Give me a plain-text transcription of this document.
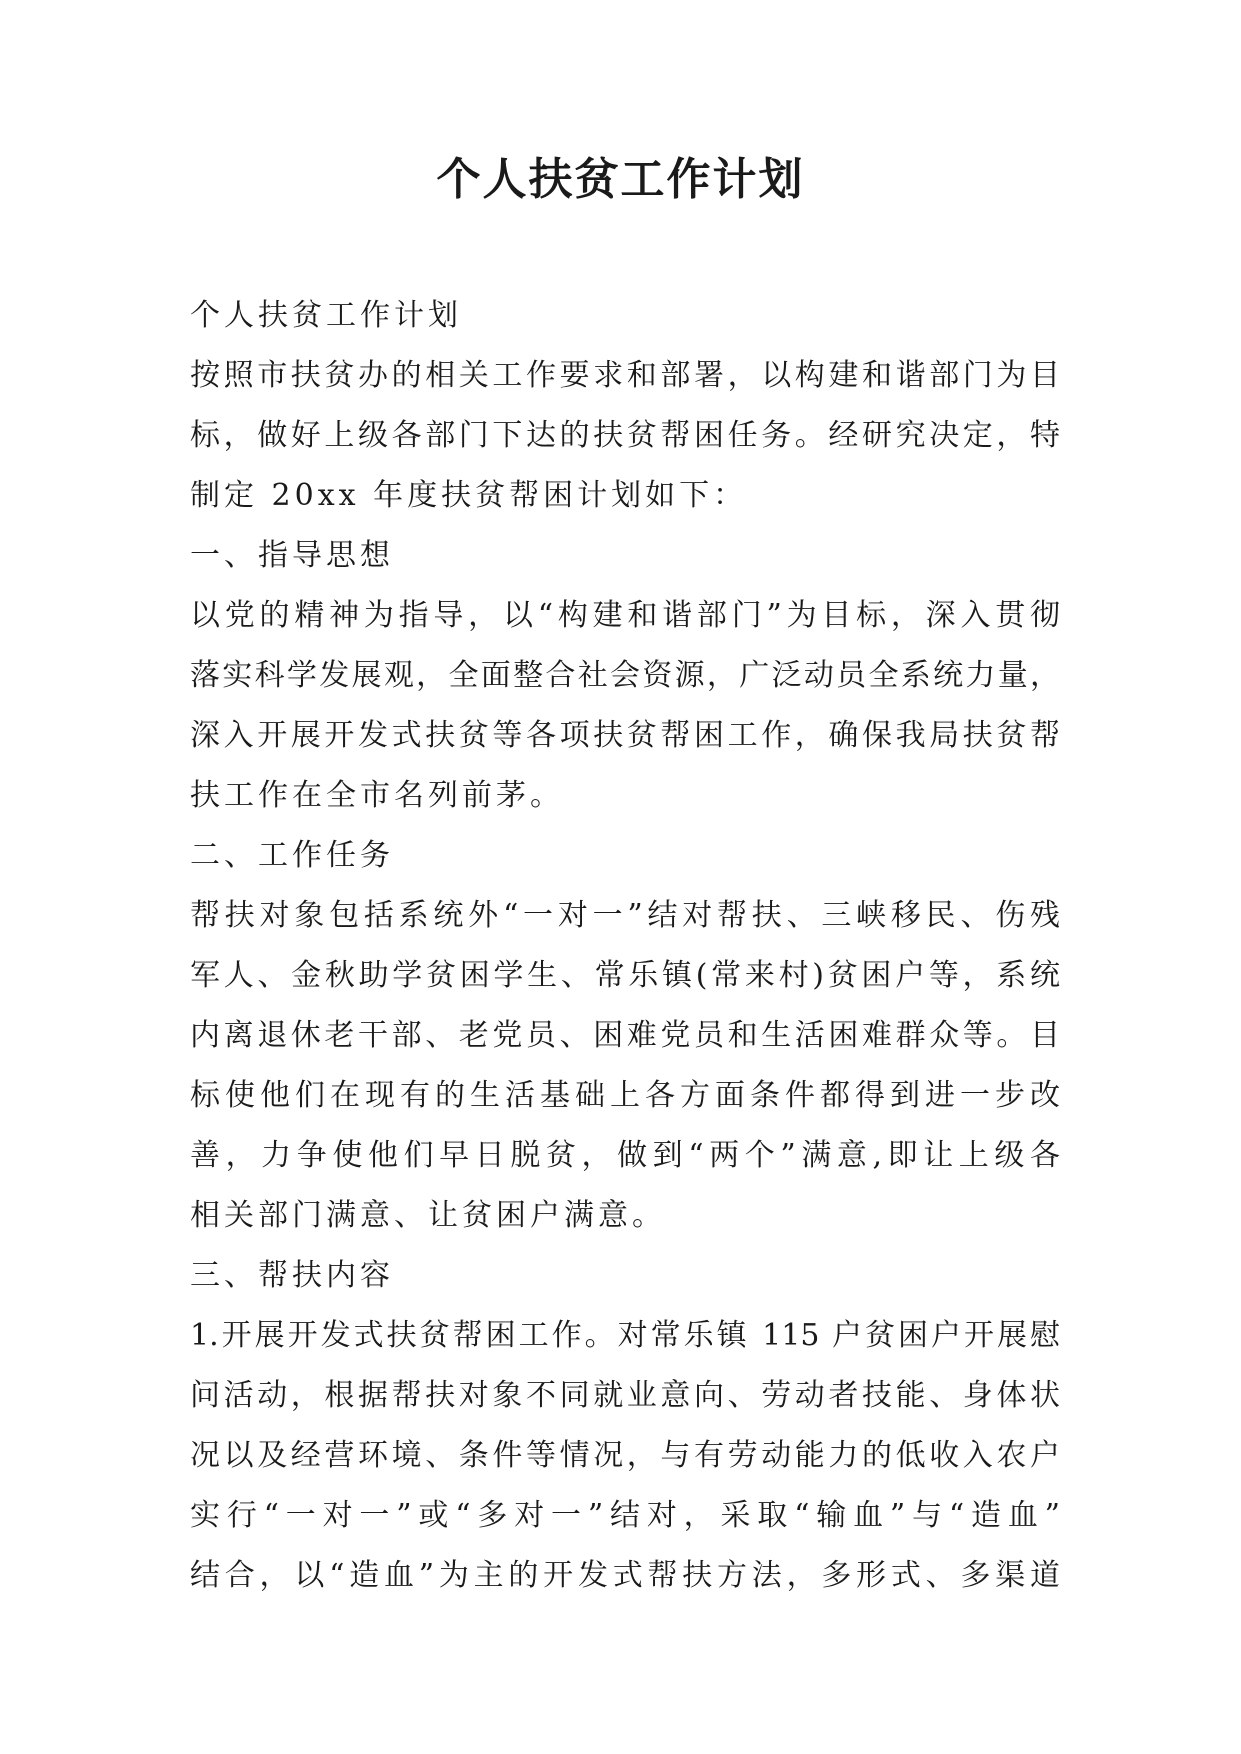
个人扶贫工作计划
个人扶贫工作计划
按照市扶贫办的相关工作要求和部署，以构建和谐部门为目
标，做好上级各部门下达的扶贫帮困任务。经研究决定，特
制定 20xx 年度扶贫帮困计划如下：
一、指导思想
以党的精神为指导，以“构建和谐部门”为目标，深入贯彻
落实科学发展观，全面整合社会资源，广泛动员全系统力量，
深入开展开发式扶贫等各项扶贫帮困工作，确保我局扶贫帮
扶工作在全市名列前茅。
二、工作任务
帮扶对象包括系统外“一对一”结对帮扶、三峡移民、伤残
军人、金秋助学贫困学生、常乐镇(常来村)贫困户等，系统
内离退休老干部、老党员、困难党员和生活困难群众等。目
标使他们在现有的生活基础上各方面条件都得到进一步改
善，力争使他们早日脱贫，做到“两个”满意,即让上级各
相关部门满意、让贫困户满意。
三、帮扶内容
1.开展开发式扶贫帮困工作。对常乐镇 115 户贫困户开展慰
问活动，根据帮扶对象不同就业意向、劳动者技能、身体状
况以及经营环境、条件等情况，与有劳动能力的低收入农户
实行“一对一”或“多对一”结对，采取“输血”与“造血”
结合，以“造血”为主的开发式帮扶方法，多形式、多渠道
